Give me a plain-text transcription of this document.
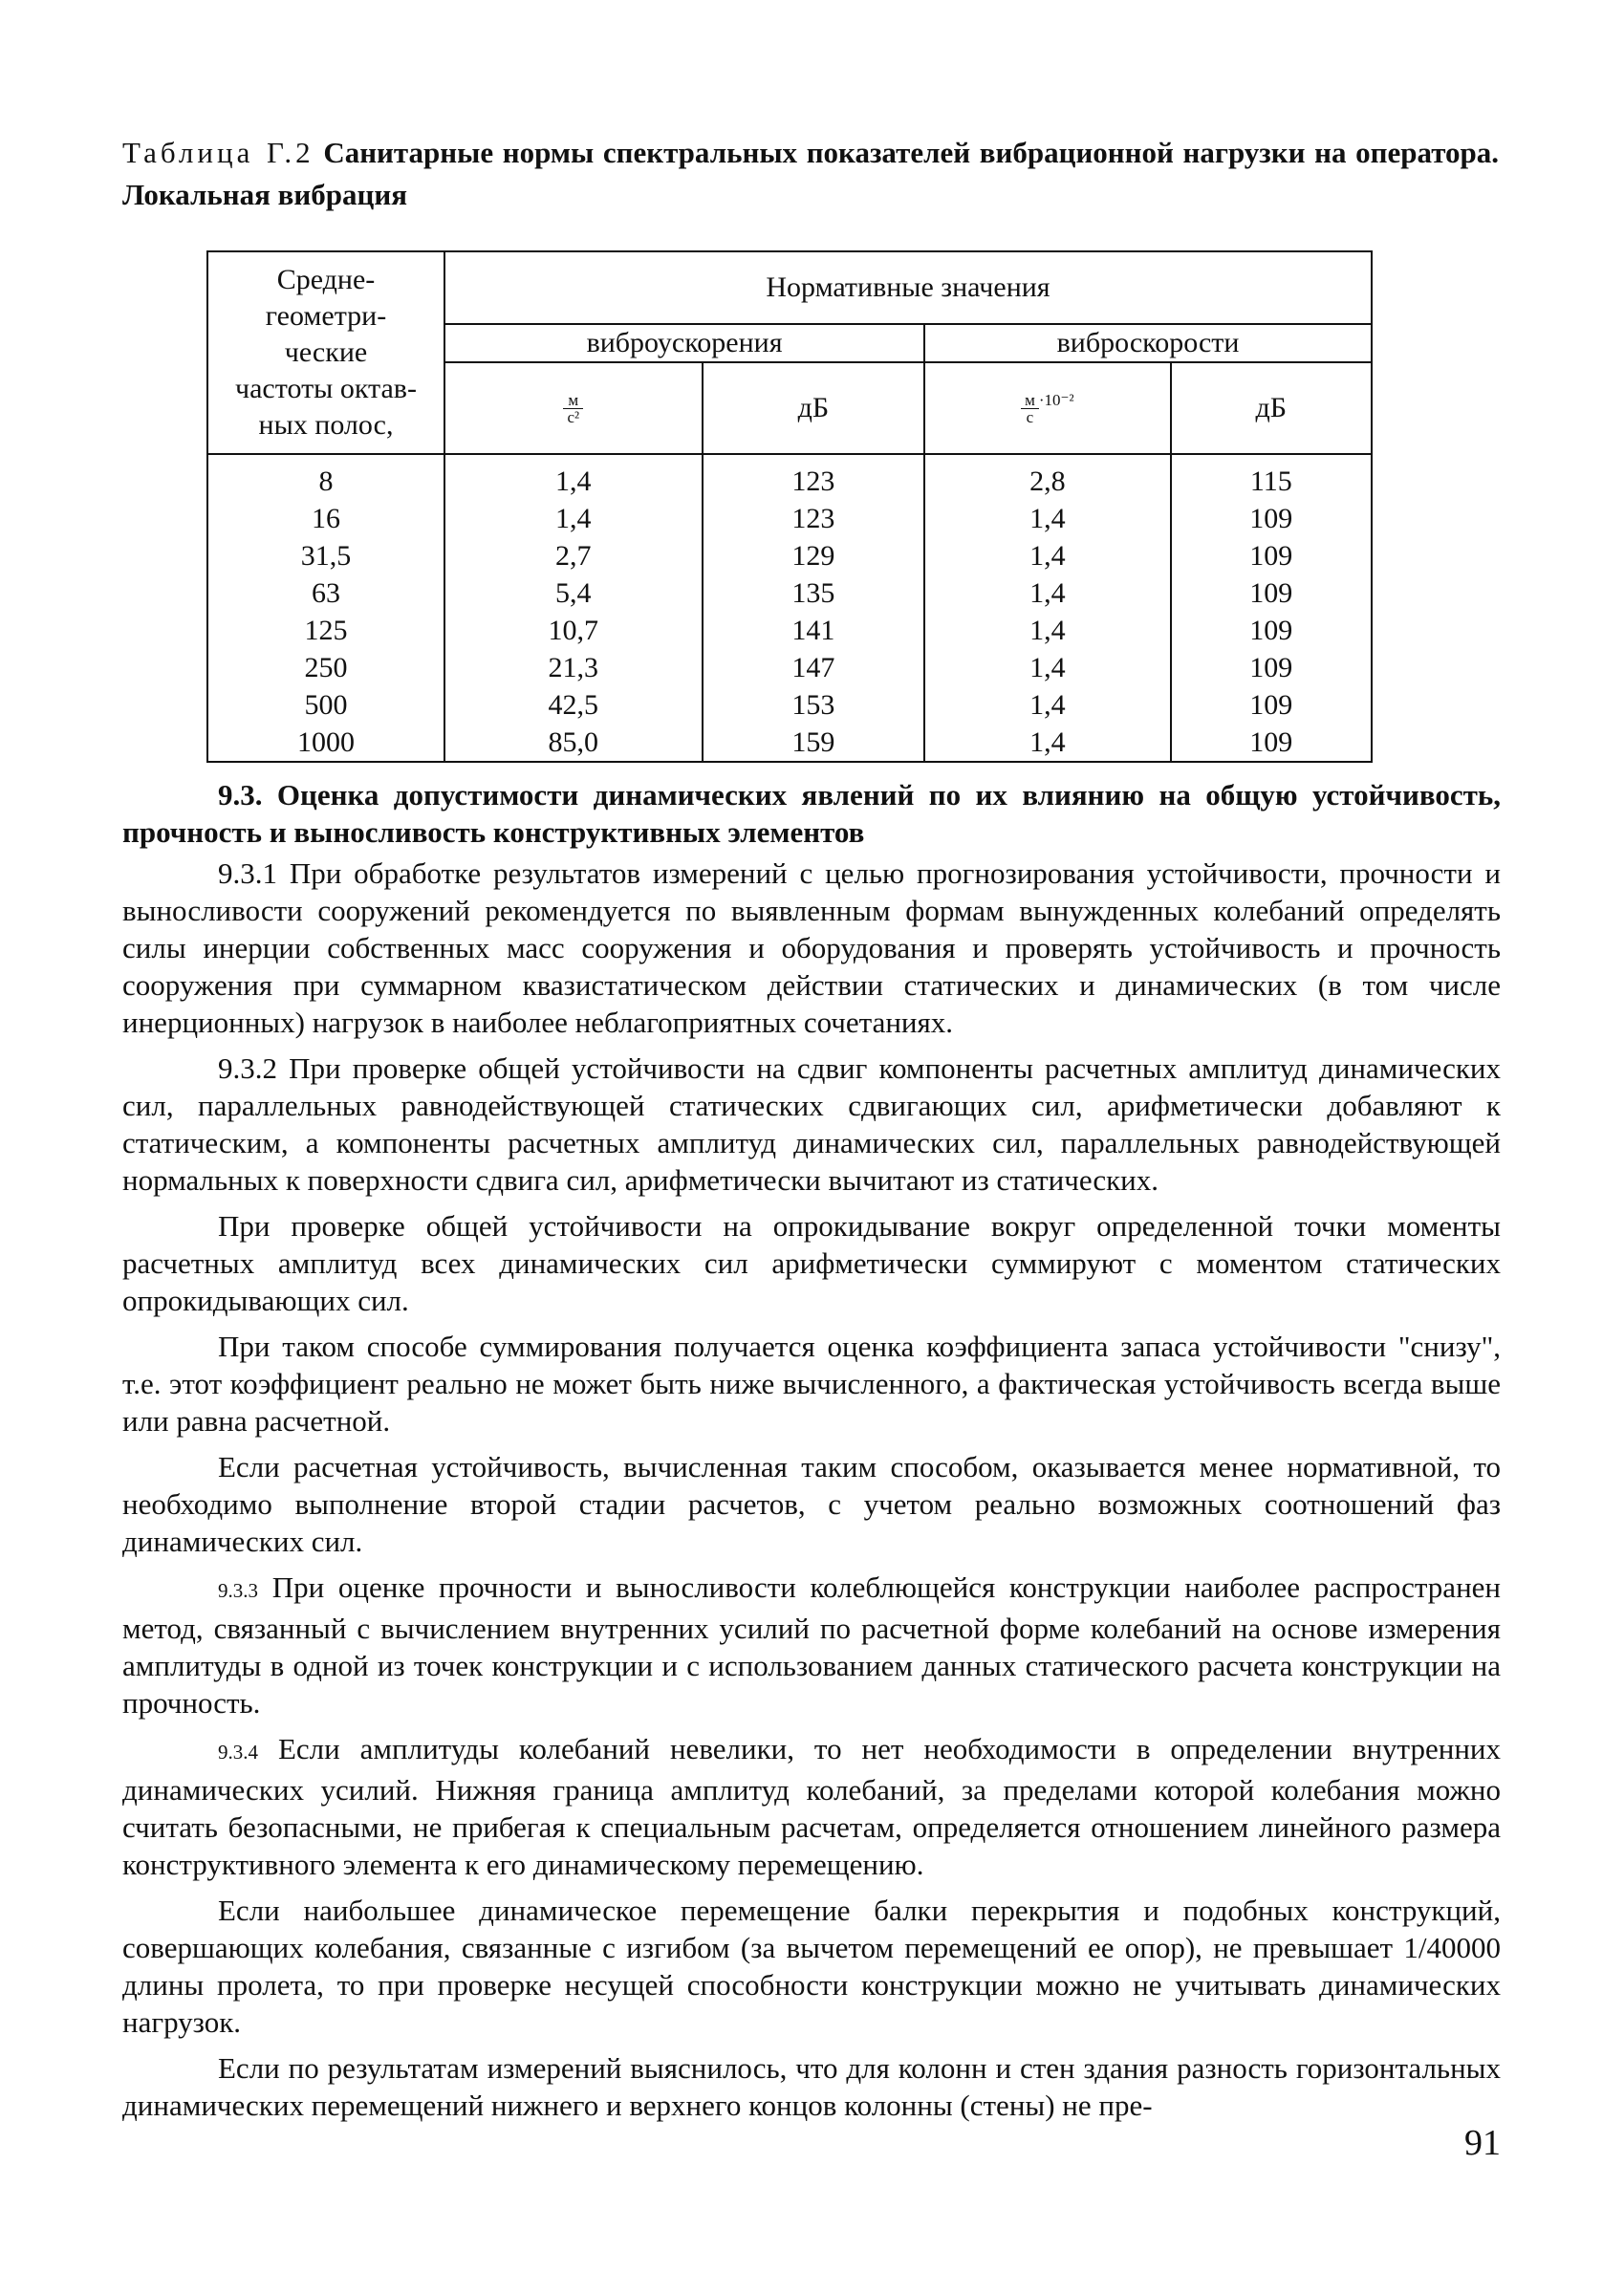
Таблица Г.2 Санитарные нормы спектральных показателей вибрационной нагрузки на оператора. Локальная вибрация
Средне-
геометри-
ческие
частоты октав-
ных полос,	Нормативные значения			
	виброускорения		виброскорости	

	$\frac{м}{\text{с²}}$	дБ	$\frac{м}{с} ^{\cdot 10^{-2}}$	дБ
8	1,4	123	2,8	115
16	1,4	123	1,4	109
31,5	2,7	129	1,4	109
63	5,4	135	1,4	109
125	10,7	141	1,4	109
250	21,3	147	1,4	109
500	42,5	153	1,4	109
1000	85,0	159	1,4	109

9.3. Оценка допустимости динамических явлений по их влиянию на общую устойчивость, прочность и выносливость конструктивных элементов

9.3.1 При обработке результатов измерений с целью прогнозирования устойчивости, прочности и выносливости сооружений рекомендуется по выявленным формам вынужденных колебаний определять силы инерции собственных масс сооружения и оборудования и проверять устойчивость и прочность сооружения при суммарном квазистатическом действии статических и динамических (в том числе инерционных) нагрузок в наиболее неблагоприятных сочетаниях.

9.3.2 При проверке общей устойчивости на сдвиг компоненты расчетных амплитуд динамических сил, параллельных равнодействующей статических сдвигающих сил, арифметически добавляют к статическим, а компоненты расчетных амплитуд динамических сил, параллельных равнодействующей нормальных к поверхности сдвига сил, арифметически вычитают из статических.

При проверке общей устойчивости на опрокидывание вокруг определенной точки моменты расчетных амплитуд всех динамических сил арифметически суммируют с моментом статических опрокидывающих сил.

При таком способе суммирования получается оценка коэффициента запаса устойчивости "снизу", т.е. этот коэффициент реально не может быть ниже вычисленного, а фактическая устойчивость всегда выше или равна расчетной.

Если расчетная устойчивость, вычисленная таким способом, оказывается менее нормативной, то необходимо выполнение второй стадии расчетов, с учетом реально возможных соотношений фаз динамических сил.

9.3.3 При оценке прочности и выносливости колеблющейся конструкции наиболее распространен метод, связанный с вычислением внутренних усилий по расчетной форме колебаний на основе измерения амплитуды в одной из точек конструкции и с использованием данных статического расчета конструкции на прочность.

9.3.4 Если амплитуды колебаний невелики, то нет необходимости в определении внутренних динамических усилий. Нижняя граница амплитуд колебаний, за пределами которой колебания можно считать безопасными, не прибегая к специальным расчетам, определяется отношением линейного размера конструктивного элемента к его динамическому перемещению.

Если наибольшее динамическое перемещение балки перекрытия и подобных конструкций, совершающих колебания, связанные с изгибом (за вычетом перемещений ее опор), не превышает 1/40000 длины пролета, то при проверке несущей способности конструкции можно не учитывать динамических нагрузок.

Если по результатам измерений выяснилось, что для колонн и стен здания разность горизонтальных динамических перемещений нижнего и верхнего концов колонны (стены) не пре-

91
